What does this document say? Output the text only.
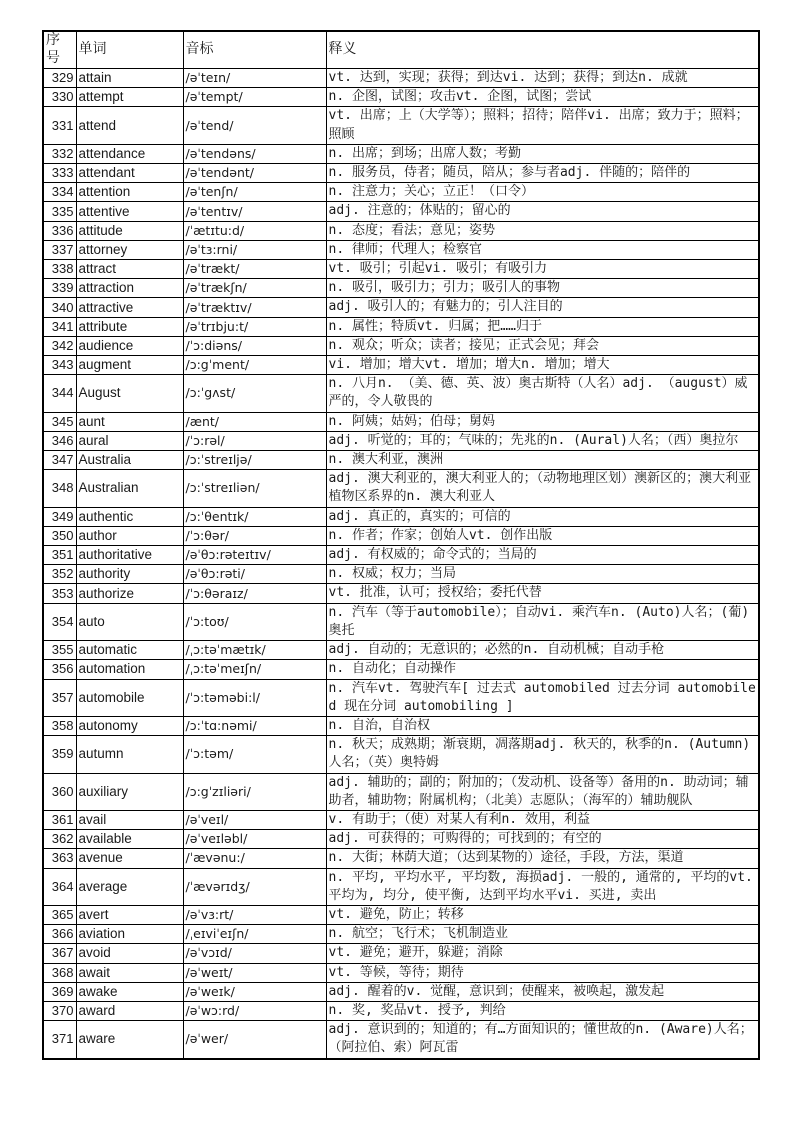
序号	单词	音标	释义
329	attain	/əˈteɪn/	vt. 达到，实现；获得；到达vi. 达到；获得；到达n. 成就
330	attempt	/əˈtempt/	n. 企图，试图；攻击vt. 企图，试图；尝试
331	attend	/əˈtend/	vt. 出席；上（大学等）；照料；招待；陪伴vi. 出席；致力于；照料；照顾
332	attendance	/əˈtendəns/	n. 出席；到场；出席人数；考勤
333	attendant	/əˈtendənt/	n. 服务员，侍者；随员，陪从；参与者adj. 伴随的；陪伴的
334	attention	/əˈtenʃn/	n. 注意力；关心；立正！（口令）
335	attentive	/əˈtentɪv/	adj. 注意的；体贴的；留心的
336	attitude	/ˈætɪtu:d/	n. 态度；看法；意见；姿势
337	attorney	/əˈtɜ:rni/	n. 律师；代理人；检察官
338	attract	/əˈtrækt/	vt. 吸引；引起vi. 吸引；有吸引力
339	attraction	/əˈtrækʃn/	n. 吸引，吸引力；引力；吸引人的事物
340	attractive	/əˈtræktɪv/	adj. 吸引人的；有魅力的；引人注目的
341	attribute	/əˈtrɪbju:t/	n. 属性；特质vt. 归属；把……归于
342	audience	/ˈɔ:diəns/	n. 观众；听众；读者；接见；正式会见；拜会
343	augment	/ɔ:gˈment/	vi. 增加；增大vt. 增加；增大n. 增加；增大
344	August	/ɔ:ˈgʌst/	n. 八月n. （美、德、英、波）奥古斯特（人名）adj. （august）威严的，令人敬畏的
345	aunt	/ænt/	n. 阿姨；姑妈；伯母；舅妈
346	aural	/ˈɔ:rəl/	adj. 听觉的；耳的；气味的；先兆的n. (Aural)人名；（西）奥拉尔
347	Australia	/ɔ:ˈstreɪljə/	n. 澳大利亚，澳洲
348	Australian	/ɔ:ˈstreɪliən/	adj. 澳大利亚的，澳大利亚人的；（动物地理区划）澳新区的；澳大利亚植物区系界的n. 澳大利亚人
349	authentic	/ɔ:ˈθentɪk/	adj. 真正的，真实的；可信的
350	author	/ˈɔ:θər/	n. 作者；作家；创始人vt. 创作出版
351	authoritative	/əˈθɔ:rəteɪtɪv/	adj. 有权威的；命令式的；当局的
352	authority	/əˈθɔ:rəti/	n. 权威；权力；当局
353	authorize	/ˈɔ:θəraɪz/	vt. 批准，认可；授权给；委托代替
354	auto	/ˈɔ:toʊ/	n. 汽车（等于automobile）；自动vi. 乘汽车n. (Auto)人名；(葡)奥托
355	automatic	/ˌɔ:təˈmætɪk/	adj. 自动的；无意识的；必然的n. 自动机械；自动手枪
356	automation	/ˌɔ:təˈmeɪʃn/	n. 自动化；自动操作
357	automobile	/ˈɔ:təməbi:l/	n. 汽车vt. 驾驶汽车[ 过去式 automobiled 过去分词 automobiled 现在分词 automobiling ]
358	autonomy	/ɔ:ˈtɑ:nəmi/	n. 自治，自治权
359	autumn	/ˈɔ:təm/	n. 秋天；成熟期；渐衰期，凋落期adj. 秋天的，秋季的n. (Autumn)人名；（英）奥特姆
360	auxiliary	/ɔ:gˈzɪliəri/	adj. 辅助的；副的；附加的；（发动机、设备等）备用的n. 助动词；辅助者，辅助物；附属机构；（北美）志愿队；（海军的）辅助舰队
361	avail	/əˈveɪl/	v. 有助于；（使）对某人有利n. 效用，利益
362	available	/əˈveɪləbl/	adj. 可获得的；可购得的；可找到的；有空的
363	avenue	/ˈævənu:/	n. 大街；林荫大道；（达到某物的）途径，手段，方法，渠道
364	average	/ˈævərɪdʒ/	n. 平均, 平均水平, 平均数, 海损adj. 一般的, 通常的, 平均的vt. 平均为, 均分, 使平衡, 达到平均水平vi. 买进, 卖出
365	avert	/əˈvɜ:rt/	vt. 避免，防止；转移
366	aviation	/ˌeɪviˈeɪʃn/	n. 航空；飞行术；飞机制造业
367	avoid	/əˈvɔɪd/	vt. 避免；避开，躲避；消除
368	await	/əˈweɪt/	vt. 等候，等待；期待
369	awake	/əˈweɪk/	adj. 醒着的v. 觉醒，意识到；使醒来，被唤起，激发起
370	award	/əˈwɔ:rd/	n. 奖, 奖品vt. 授予, 判给
371	aware	/əˈwer/	adj. 意识到的；知道的；有…方面知识的；懂世故的n. (Aware)人名；（阿拉伯、索）阿瓦雷
